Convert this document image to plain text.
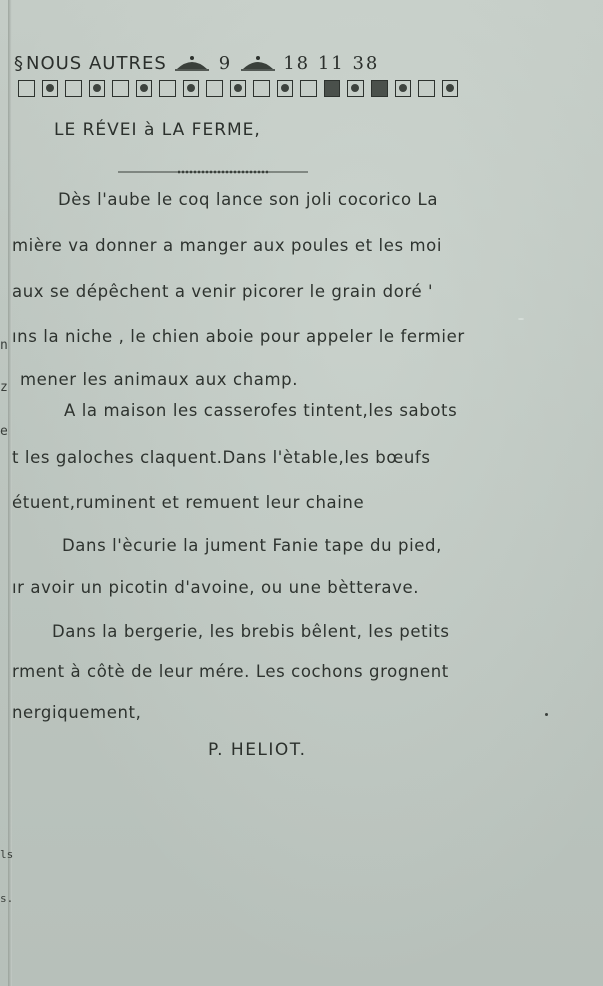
§ NOUS AUTRES	9	18 11 38
LE RÉVEI à LA FERME,
Dès l'aube le coq lance son joli cocorico La
mière va donner a manger aux poules et les moi
aux se dépêchent a venir picorer le grain doré '
ıns la niche , le chien aboie pour appeler le fermier
mener les animaux aux champ.
A la maison les casserofes tintent,les sabots
t les galoches claquent.Dans l'ètable,les bœufs
étuent,ruminent et remuent leur chaine
Dans l'ècurie la jument Fanie tape du pied,
ır avoir un picotin d'avoine, ou une bètterave.
Dans la bergerie, les brebis bêlent, les petits
rment à côtè de leur mére. Les cochons grognent
nergiquement,
P. HELIOT.
n
z
e
ls
s.
